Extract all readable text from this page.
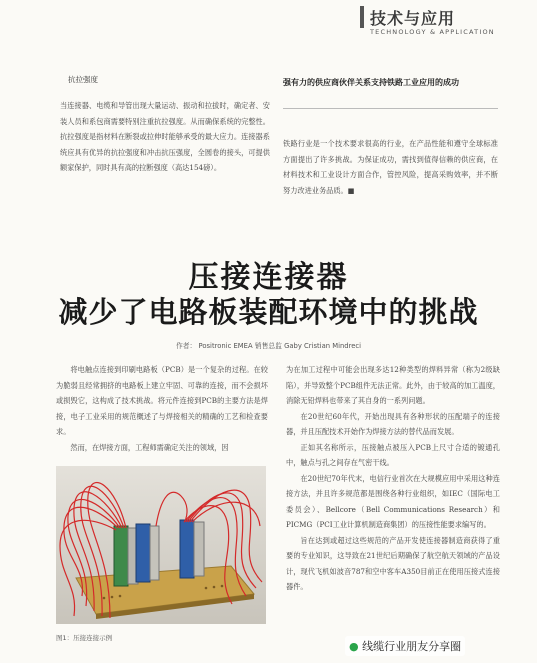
技术与应用
TECHNOLOGY & APPLICATION
抗拉强度
当连接器、电缆和导管出现大量运动、振动和拉拔时，确定者、安装人员和系包商需要特别注重抗拉强度。从而确保系统的完整性。抗拉强度是指材料在断裂或拉伸时能够承受的最大应力。连接器系统应具有优异的抗拉强度和冲击抗压强度，全圆卷的接头，可提供额家保护，同时具有高的拉断强度（高达154磅）。
强有力的供应商伙伴关系支持铁路工业应用的成功
铁路行业是一个技术要求很高的行业，在产品性能和遵守全球标准方面提出了许多挑战。为保证成功，需找到值得信赖的供应商，在材料技术和工业设计方面合作，管控风险，提高采购效率，并不断努力改进业务品质。■
压接连接器
减少了电路板装配环境中的挑战
作者： Positronic EMEA 销售总监 Gaby Cristian Mindreci
将电触点连接到印刷电路板（PCB）是一个复杂的过程。在较为脆弱且经常拥挤的电路板上建立牢固、可靠的连接，而不会损坏或损毁它，这构成了技术挑战。将元件连接到PCB的主要方法是焊接，电子工业采用的规范概述了与焊接相关的精确的工艺和检查要求。
然而，在焊接方面，工程师需确定关注的领域，因
图1：压接连接示例
为在加工过程中可能会出现多达12种类型的焊料异常（称为2级缺陷），并导致整个PCB组件无法正常。此外，由于较高的加工温度，消除无铅焊料也带来了其自身的一系列问题。
在20世纪60年代，开始出现具有各种形状的压配端子的连接器，并且压配技术开始作为焊接方法的替代品而发展。
正如其名称所示，压接触点被压入PCB上尺寸合适的镀通孔中，触点与孔之间存在气密干线。
在20世纪70年代末，电信行业首次在大规模应用中采用这种连接方法，并且许多规范都是围绕各种行业组织，如IEC（国际电工委员会）、Bellcore（Bell Communications Research）和PICMG（PCI工业计算机制造商集团）的压接性能要求编写的。
旨在达到或超过这些规范的产品开发使连接器制造商获得了重要的专业知识，这导致在21世纪后期确保了航空航天领域的产品设计，现代飞机如波音787和空中客车A350目前正在使用压接式连接器件。
● 线缆行业朋友分享圈
